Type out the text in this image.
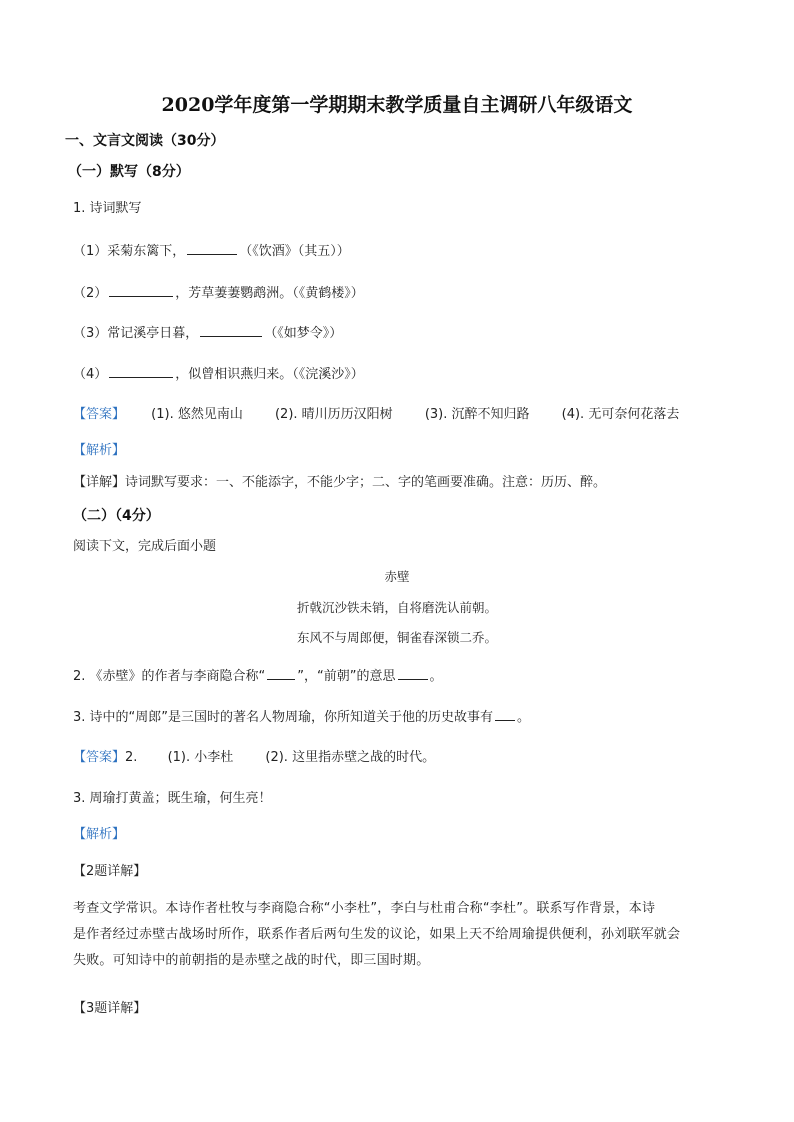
2020学年度第一学期期末教学质量自主调研八年级语文
一、文言文阅读（30分）
（一）默写（8分）
1. 诗词默写
（1）采菊东篱下，	（《饮酒》（其五））
（2）	，芳草萋萋鹦鹉洲。（《黄鹤楼》）
（3）常记溪亭日暮，	（《如梦令》）
（4）	，似曾相识燕归来。（《浣溪沙》）
【答案】 (1). 悠然见南山 (2). 晴川历历汉阳树 (3). 沉醉不知归路 (4). 无可奈何花落去
【解析】
【详解】诗词默写要求：一、不能添字，不能少字；二、字的笔画要准确。注意：历历、醉。
（二）（4分）
阅读下文，完成后面小题
赤壁
折戟沉沙铁未销，自将磨洗认前朝。
东风不与周郎便，铜雀春深锁二乔。
2. 《赤壁》的作者与李商隐合称“ ”，“前朝”的意思	。
3. 诗中的“周郎”是三国时的著名人物周瑜，你所知道关于他的历史故事有 。
【答案】2. (1). 小李杜 (2). 这里指赤壁之战的时代。
3. 周瑜打黄盖；既生瑜，何生亮！
【解析】
【2题详解】
考查文学常识。本诗作者杜牧与李商隐合称“小李杜”，李白与杜甫合称“李杜”。联系写作背景，本诗
是作者经过赤壁古战场时所作，联系作者后两句生发的议论，如果上天不给周瑜提供便利，孙刘联军就会
失败。可知诗中的前朝指的是赤壁之战的时代，即三国时期。
【3题详解】
